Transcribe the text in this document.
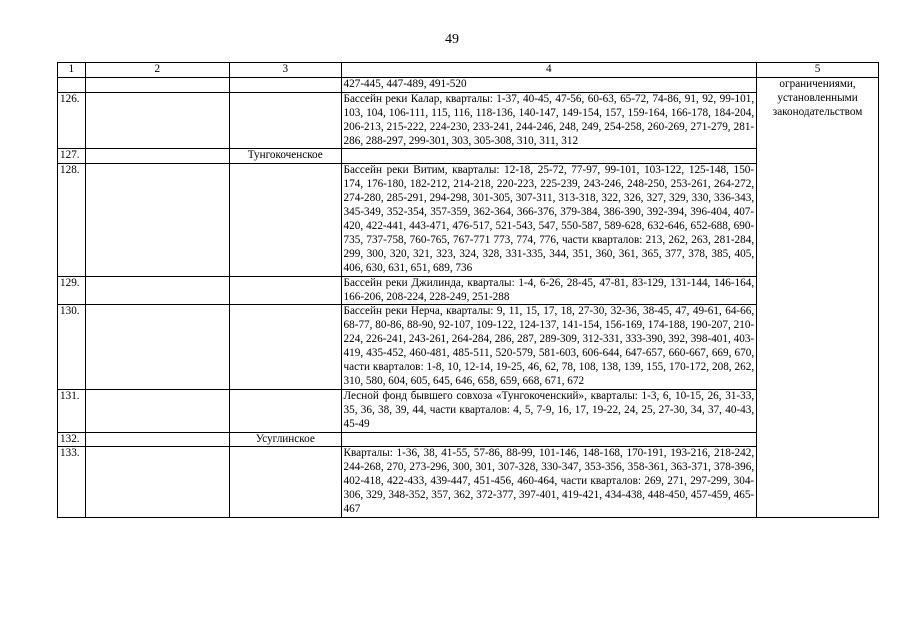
49
1	2	3	4	5
			427-445, 447-489, 491-520	ограничениями, установленными законодательством
126.			Бассейн реки Калар, кварталы: 1-37, 40-45, 47-56, 60-63, 65-72, 74-86, 91, 92, 99-101, 103, 104, 106-111, 115, 116, 118-136, 140-147, 149-154, 157, 159-164, 166-178, 184-204, 206-213, 215-222, 224-230, 233-241, 244-246, 248, 249, 254-258, 260-269, 271-279, 281-286, 288-297, 299-301, 303, 305-308, 310, 311, 312	
127.		Тунгокоченское		
128.			Бассейн реки Витим, кварталы: 12-18, 25-72, 77-97, 99-101, 103-122, 125-148, 150-174, 176-180, 182-212, 214-218, 220-223, 225-239, 243-246, 248-250, 253-261, 264-272, 274-280, 285-291, 294-298, 301-305, 307-311, 313-318, 322, 326, 327, 329, 330, 336-343, 345-349, 352-354, 357-359, 362-364, 366-376, 379-384, 386-390, 392-394, 396-404, 407-420, 422-441, 443-471, 476-517, 521-543, 547, 550-587, 589-628, 632-646, 652-688, 690-735, 737-758, 760-765, 767-771 773, 774, 776, части кварталов: 213, 262, 263, 281-284, 299, 300, 320, 321, 323, 324, 328, 331-335, 344, 351, 360, 361, 365, 377, 378, 385, 405, 406, 630, 631, 651, 689, 736	
129.			Бассейн реки Джилинда, кварталы: 1-4, 6-26, 28-45, 47-81, 83-129, 131-144, 146-164, 166-206, 208-224, 228-249, 251-288	
130.			Бассейн реки Нерча, кварталы: 9, 11, 15, 17, 18, 27-30, 32-36, 38-45, 47, 49-61, 64-66, 68-77, 80-86, 88-90, 92-107, 109-122, 124-137, 141-154, 156-169, 174-188, 190-207, 210-224, 226-241, 243-261, 264-284, 286, 287, 289-309, 312-331, 333-390, 392, 398-401, 403-419, 435-452, 460-481, 485-511, 520-579, 581-603, 606-644, 647-657, 660-667, 669, 670, части кварталов: 1-8, 10, 12-14, 19-25, 46, 62, 78, 108, 138, 139, 155, 170-172, 208, 262, 310, 580, 604, 605, 645, 646, 658, 659, 668, 671, 672	
131.			Лесной фонд бывшего совхоза «Тунгокоченский», кварталы: 1-3, 6, 10-15, 26, 31-33, 35, 36, 38, 39, 44, части кварталов: 4, 5, 7-9, 16, 17, 19-22, 24, 25, 27-30, 34, 37, 40-43, 45-49	
132.		Усуглинское		
133.			Кварталы: 1-36, 38, 41-55, 57-86, 88-99, 101-146, 148-168, 170-191, 193-216, 218-242, 244-268, 270, 273-296, 300, 301, 307-328, 330-347, 353-356, 358-361, 363-371, 378-396, 402-418, 422-433, 439-447, 451-456, 460-464, части кварталов: 269, 271, 297-299, 304-306, 329, 348-352, 357, 362, 372-377, 397-401, 419-421, 434-438, 448-450, 457-459, 465-467	
